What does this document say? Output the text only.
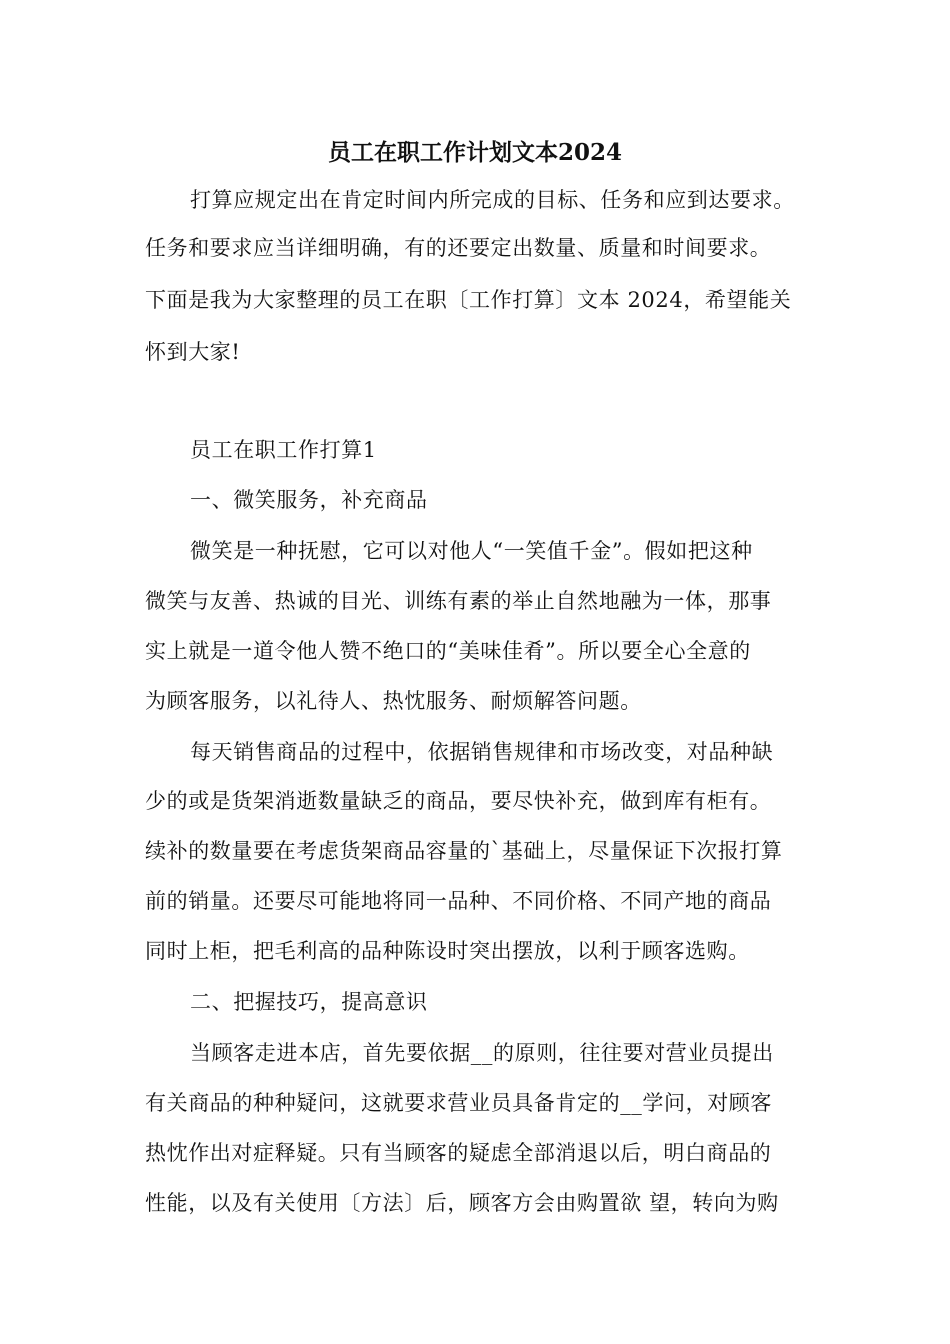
员工在职工作计划文本2024
打算应规定出在肯定时间内所完成的目标、任务和应到达要求。
任务和要求应当详细明确，有的还要定出数量、质量和时间要求。
下面是我为大家整理的员工在职〔工作打算〕文本 2024，希望能关
怀到大家!
员工在职工作打算1
一、微笑服务，补充商品
微笑是一种抚慰，它可以对他人“一笑值千金”。假如把这种
微笑与友善、热诚的目光、训练有素的举止自然地融为一体，那事
实上就是一道令他人赞不绝口的“美味佳肴”。所以要全心全意的
为顾客服务，以礼待人、热忱服务、耐烦解答问题。
每天销售商品的过程中，依据销售规律和市场改变，对品种缺
少的或是货架消逝数量缺乏的商品，要尽快补充，做到库有柜有。
续补的数量要在考虑货架商品容量的`基础上，尽量保证下次报打算
前的销量。还要尽可能地将同一品种、不同价格、不同产地的商品
同时上柜，把毛利高的品种陈设时突出摆放，以利于顾客选购。
二、把握技巧，提高意识
当顾客走进本店，首先要依据__的原则，往往要对营业员提出
有关商品的种种疑问，这就要求营业员具备肯定的__学问，对顾客
热忱作出对症释疑。只有当顾客的疑虑全部消退以后，明白商品的
性能，以及有关使用〔方法〕后，顾客方会由购置欲 望，转向为购
